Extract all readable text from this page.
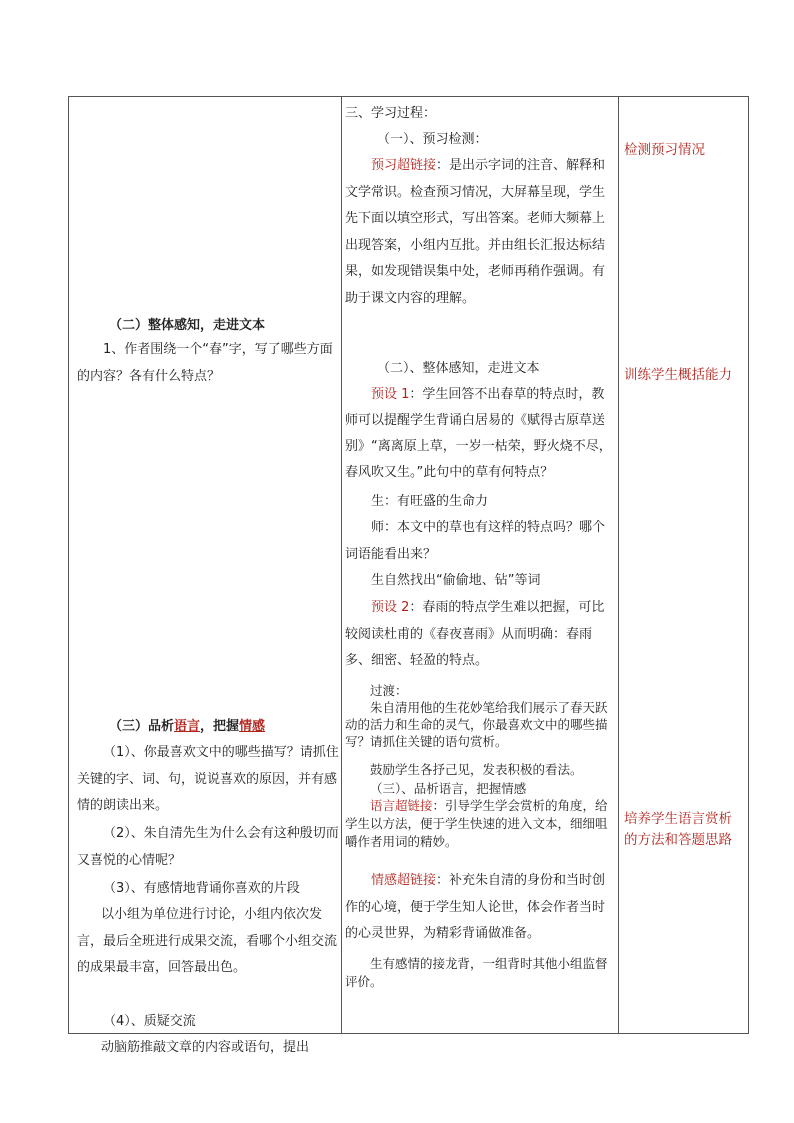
（二）整体感知，走进文本
1、作者围绕一个“春”字，写了哪些方面的内容？各有什么特点？
（三）品析语言，把握情感
（1）、你最喜欢文中的哪些描写？请抓住关键的字、词、句，说说喜欢的原因，并有感情的朗读出来。
（2）、朱自清先生为什么会有这种殷切而又喜悦的心情呢？
（3）、有感情地背诵你喜欢的片段
以小组为单位进行讨论，小组内依次发言，最后全班进行成果交流，看哪个小组交流的成果最丰富，回答最出色。
（4）、质疑交流
动脑筋推敲文章的内容或语句，提出
三、学习过程：
（一）、预习检测：
预习超链接：是出示字词的注音、解释和文学常识。检查预习情况，大屏幕呈现，学生先下面以填空形式，写出答案。老师大频幕上出现答案，小组内互批。并由组长汇报达标结果，如发现错误集中处，老师再稍作强调。有助于课文内容的理解。
（二）、整体感知，走进文本
预设 1：学生回答不出春草的特点时，教师可以提醒学生背诵白居易的《赋得古原草送别》“离离原上草，一岁一枯荣，野火烧不尽，春风吹又生。”此句中的草有何特点？
生：有旺盛的生命力
师：本文中的草也有这样的特点吗？哪个词语能看出来？
生自然找出“偷偷地、钻”等词
预设 2：春雨的特点学生难以把握，可比较阅读杜甫的《春夜喜雨》从而明确：春雨多、细密、轻盈的特点。
过渡：
朱自清用他的生花妙笔给我们展示了春天跃动的活力和生命的灵气，你最喜欢文中的哪些描写？请抓住关键的语句赏析。
鼓励学生各抒己见，发表积极的看法。
（三）、品析语言，把握情感
语言超链接：引导学生学会赏析的角度，给学生以方法，便于学生快速的进入文本，细细咀嚼作者用词的精妙。
情感超链接：补充朱自清的身份和当时创作的心境，便于学生知人论世，体会作者当时的心灵世界，为精彩背诵做准备。
生有感情的接龙背，一组背时其他小组监督评价。
检测预习情况
训练学生概括能力
培养学生语言赏析的方法和答题思路
